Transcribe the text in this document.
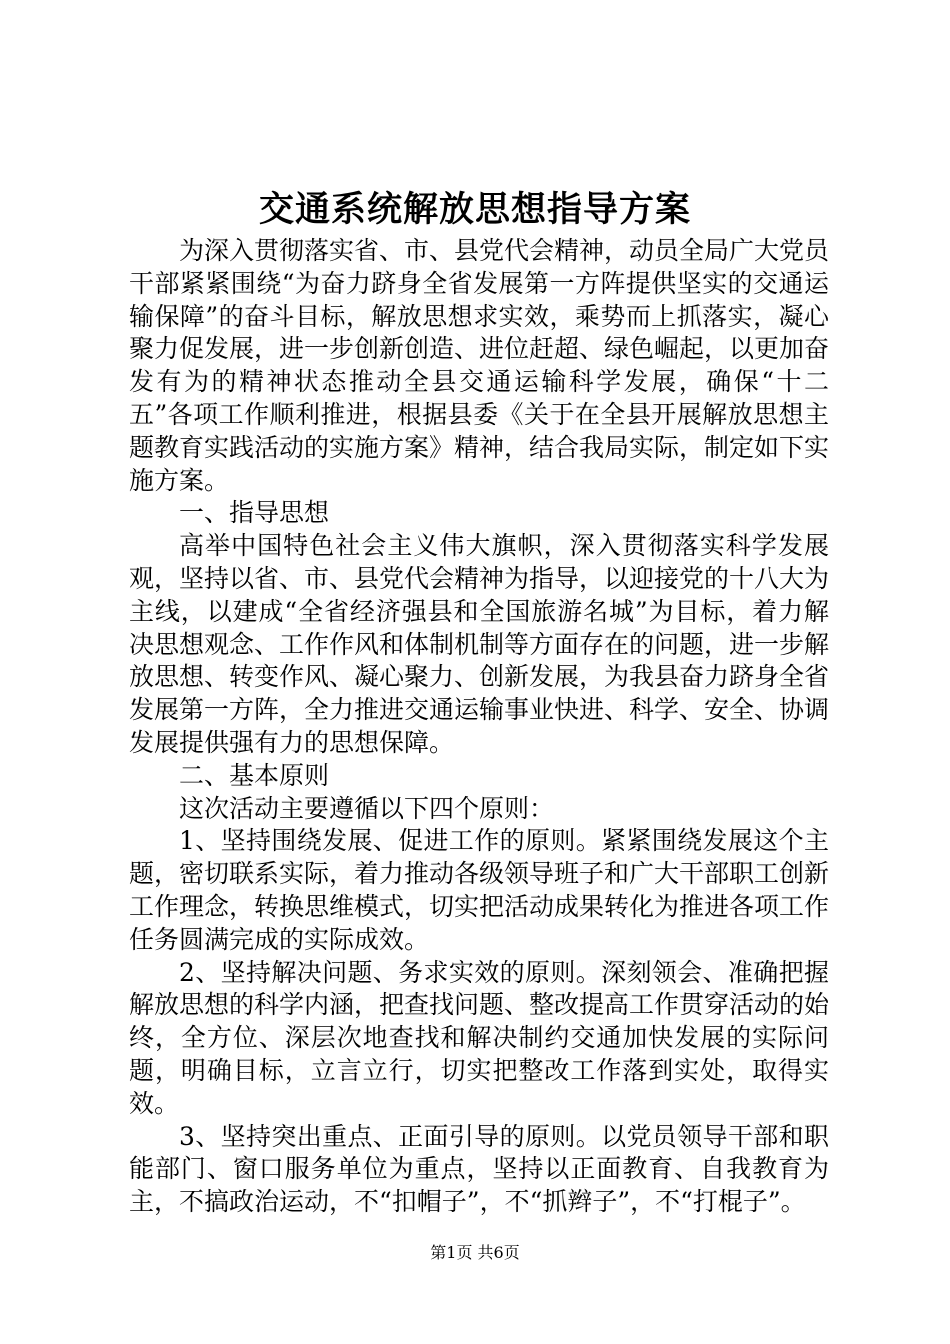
交通系统解放思想指导方案

为深入贯彻落实省、市、县党代会精神，动员全局广大党员干部紧紧围绕“为奋力跻身全省发展第一方阵提供坚实的交通运输保障”的奋斗目标，解放思想求实效，乘势而上抓落实，凝心聚力促发展，进一步创新创造、进位赶超、绿色崛起，以更加奋发有为的精神状态推动全县交通运输科学发展，确保“十二五”各项工作顺利推进，根据县委《关于在全县开展解放思想主题教育实践活动的实施方案》精神，结合我局实际，制定如下实施方案。

一、指导思想

高举中国特色社会主义伟大旗帜，深入贯彻落实科学发展观，坚持以省、市、县党代会精神为指导，以迎接党的十八大为主线，以建成“全省经济强县和全国旅游名城”为目标，着力解决思想观念、工作作风和体制机制等方面存在的问题，进一步解放思想、转变作风、凝心聚力、创新发展，为我县奋力跻身全省发展第一方阵，全力推进交通运输事业快进、科学、安全、协调发展提供强有力的思想保障。

二、基本原则

这次活动主要遵循以下四个原则：

1、坚持围绕发展、促进工作的原则。紧紧围绕发展这个主题，密切联系实际，着力推动各级领导班子和广大干部职工创新工作理念，转换思维模式，切实把活动成果转化为推进各项工作任务圆满完成的实际成效。

2、坚持解决问题、务求实效的原则。深刻领会、准确把握解放思想的科学内涵，把查找问题、整改提高工作贯穿活动的始终，全方位、深层次地查找和解决制约交通加快发展的实际问题，明确目标，立言立行，切实把整改工作落到实处，取得实效。

3、坚持突出重点、正面引导的原则。以党员领导干部和职能部门、窗口服务单位为重点，坚持以正面教育、自我教育为主，不搞政治运动，不“扣帽子”，不“抓辫子”，不“打棍子”。

第1页 共6页
